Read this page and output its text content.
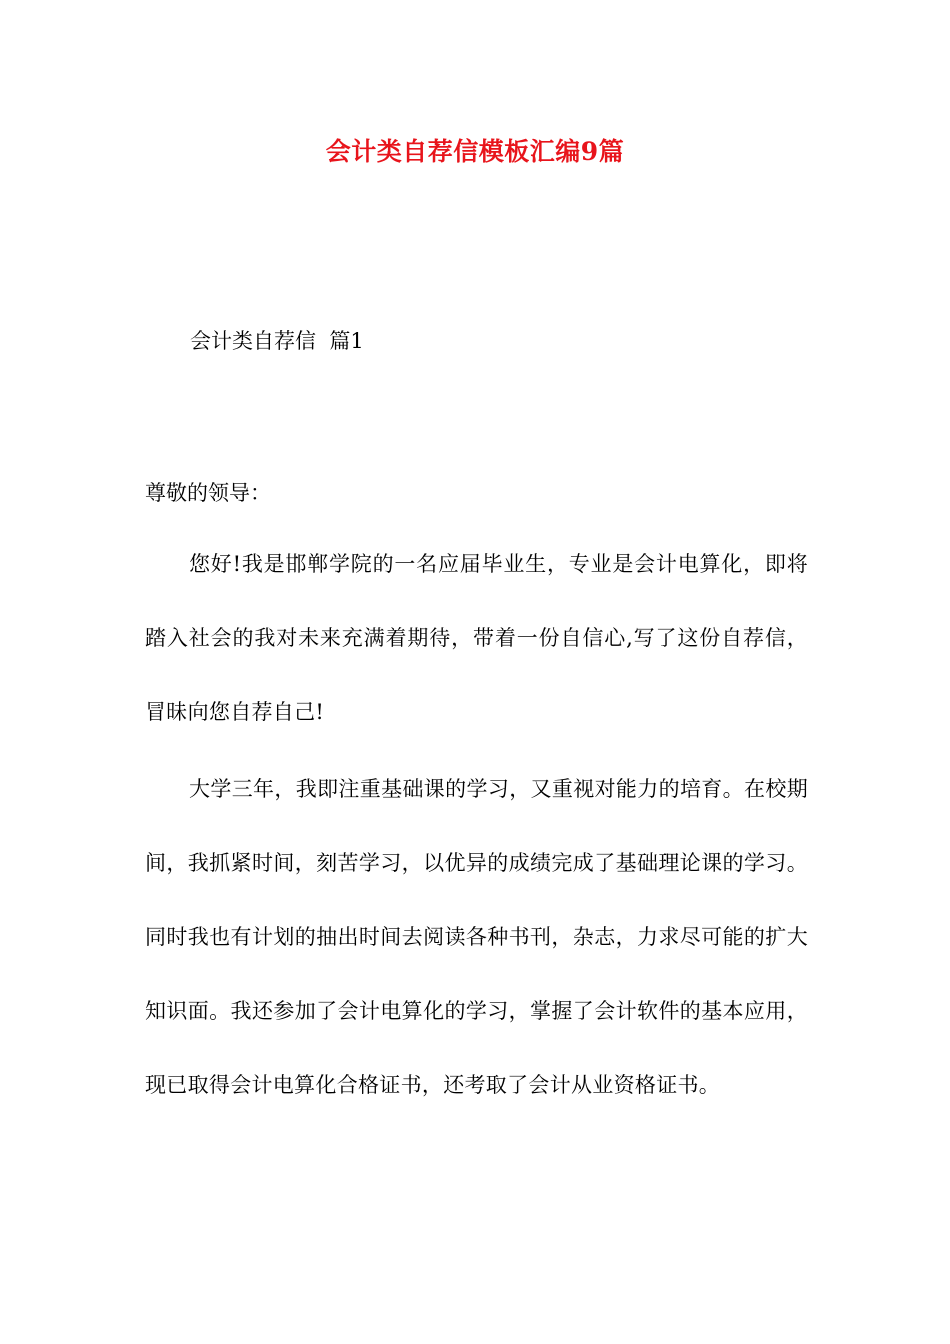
会计类自荐信模板汇编9篇

会计类自荐信  篇1

尊敬的领导：

您好!我是邯郸学院的一名应届毕业生，专业是会计电算化，即将踏入社会的我对未来充满着期待，带着一份自信心,写了这份自荐信，冒昧向您自荐自己!

大学三年，我即注重基础课的学习，又重视对能力的培育。在校期间，我抓紧时间，刻苦学习，以优异的成绩完成了基础理论课的学习。同时我也有计划的抽出时间去阅读各种书刊，杂志，力求尽可能的扩大知识面。我还参加了会计电算化的学习，掌握了会计软件的基本应用，现已取得会计电算化合格证书，还考取了会计从业资格证书。
